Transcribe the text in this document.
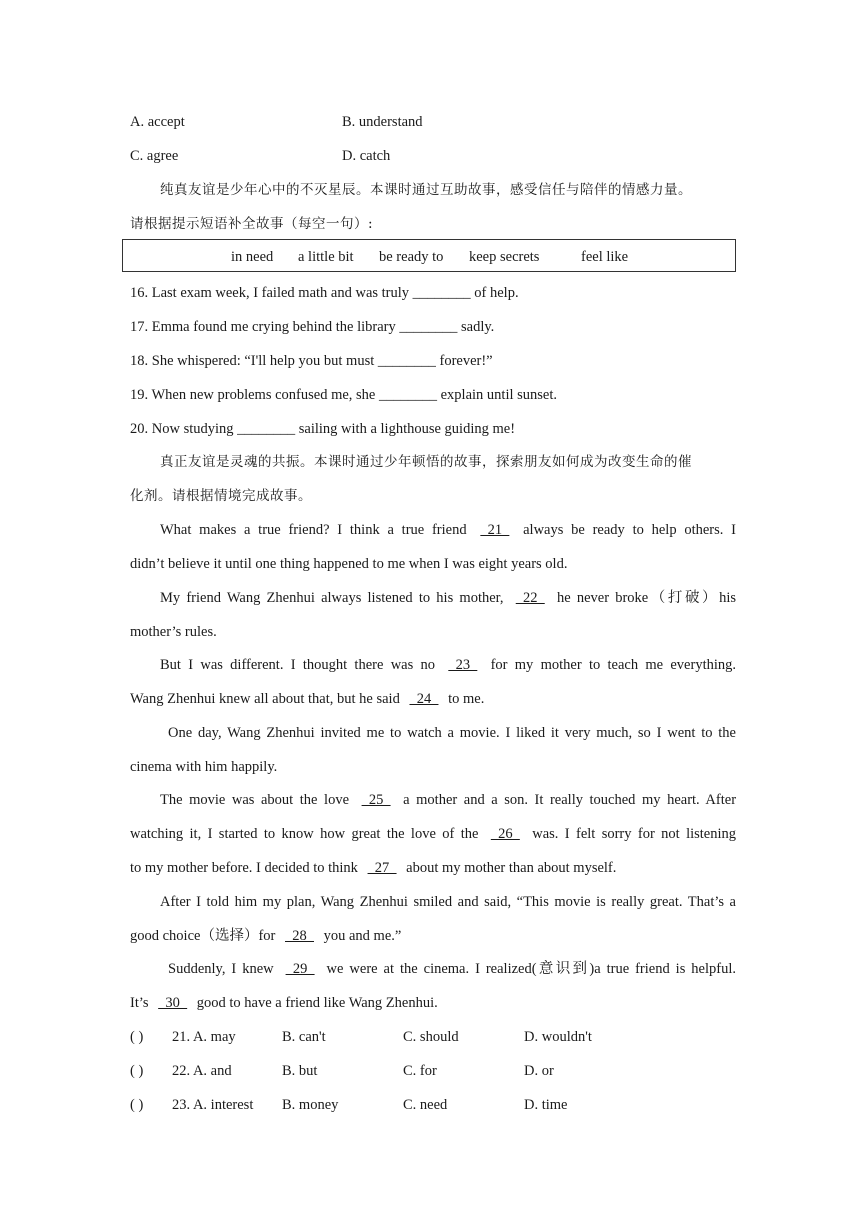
A. accept	B. understand
C. agree	D. catch
纯真友谊是少年心中的不灭星辰。本课时通过互助故事，感受信任与陪伴的情感力量。
请根据提示短语补全故事（每空一句）:
in need a little bit be ready to keep secrets	feel like
16. Last exam week, I failed math and was truly ________ of help.
17. Emma found me crying behind the library ________ sadly.
18. She whispered: “I'll help you but must ________ forever!”
19. When new problems confused me, she ________ explain until sunset.
20. Now studying ________ sailing with a lighthouse guiding me!
真正友谊是灵魂的共振。本课时通过少年顿悟的故事，探索朋友如何成为改变生命的催
化剂。请根据情境完成故事。
What makes a true friend? I think a true friend   21   always be ready to help others. I
didn’t believe it until one thing happened to me when I was eight years old.
My friend Wang Zhenhui always listened to his mother,   22   he never broke（打破）his
mother’s rules.
But I was different. I thought there was no   23   for my mother to teach me everything.
Wang Zhenhui knew all about that, but he said   24   to me.
One day, Wang Zhenhui invited me to watch a movie. I liked it very much, so I went to the
cinema with him happily.
The movie was about the love   25   a mother and a son. It really touched my heart. After
watching it, I started to know how great the love of the   26   was. I felt sorry for not listening
to my mother before. I decided to think   27   about my mother than about myself.
After I told him my plan, Wang Zhenhui smiled and said, “This movie is really great. That’s a
good choice（选择）for   28   you and me.”
Suddenly, I knew   29   we were at the cinema. I realized(意识到)a true friend is helpful.
It’s   30   good to have a friend like Wang Zhenhui.
( ) 21. A. may	B. can't	C. should	D. wouldn't
( ) 22. A. and	B. but	C. for	D. or
( ) 23. A. interest B. money	C. need	D. time
